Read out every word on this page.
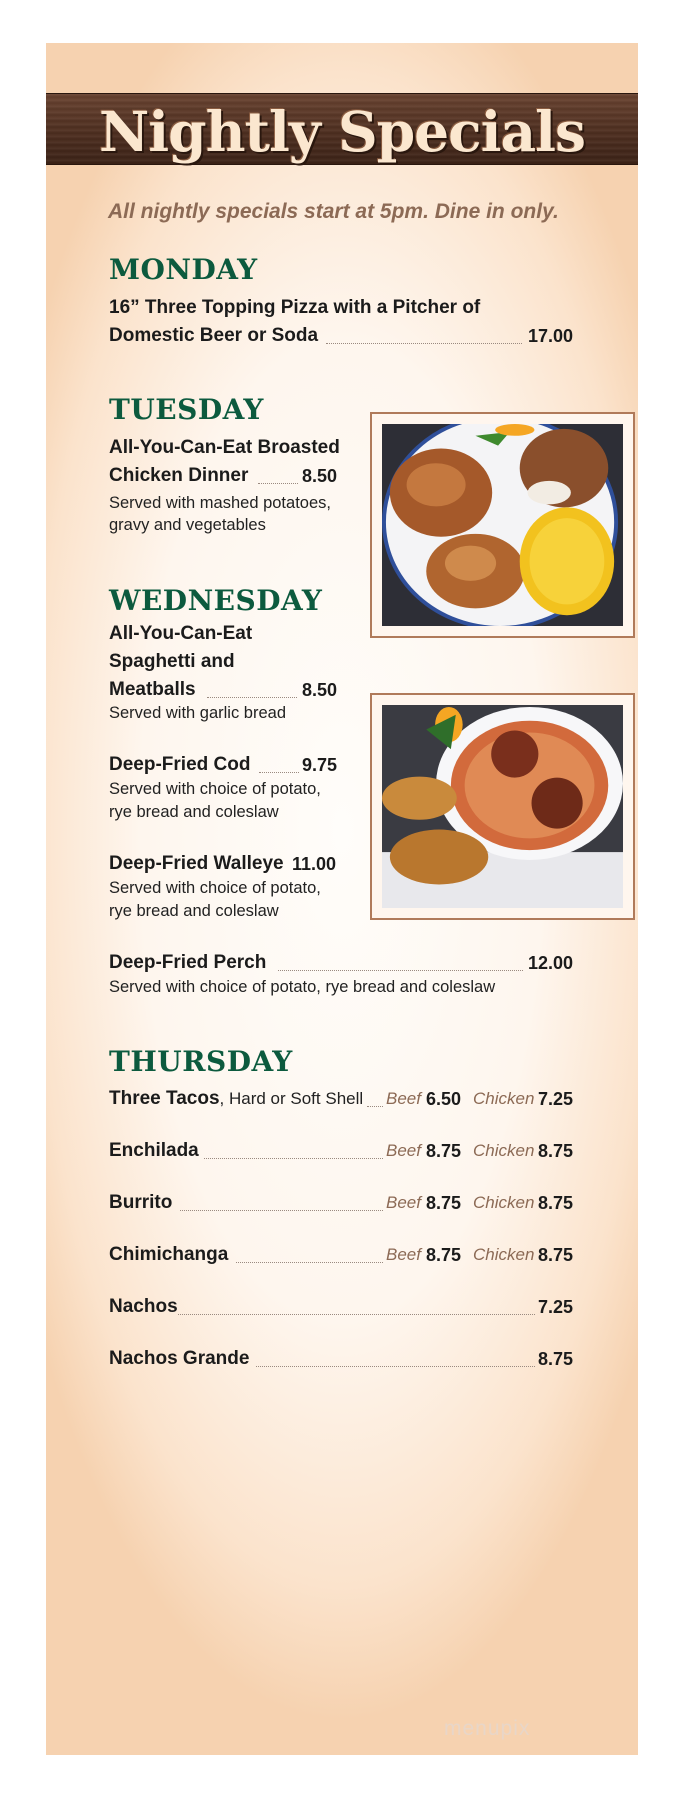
Nightly Specials
All nightly specials start at 5pm. Dine in only.
MONDAY
16” Three Topping Pizza with a Pitcher of
Domestic Beer or Soda	17.00
TUESDAY
All-You-Can-Eat Broasted
Chicken Dinner	8.50
Served with mashed potatoes,
gravy and vegetables
WEDNESDAY
All-You-Can-Eat
Spaghetti and
Meatballs	8.50
Served with garlic bread
Deep-Fried Cod	9.75
Served with choice of potato,
rye bread and coleslaw
Deep-Fried Walleye 11.00
Served with choice of potato,
rye bread and coleslaw
Deep-Fried Perch	12.00
Served with choice of potato, rye bread and coleslaw
THURSDAY
Three Tacos, Hard or Soft Shell Beef 6.50 Chicken 7.25
Enchilada	Beef 8.75 Chicken 8.75
Burrito	Beef 8.75 Chicken 8.75
Chimichanga	Beef 8.75 Chicken 8.75
Nachos	7.25
Nachos Grande	8.75
menupix
